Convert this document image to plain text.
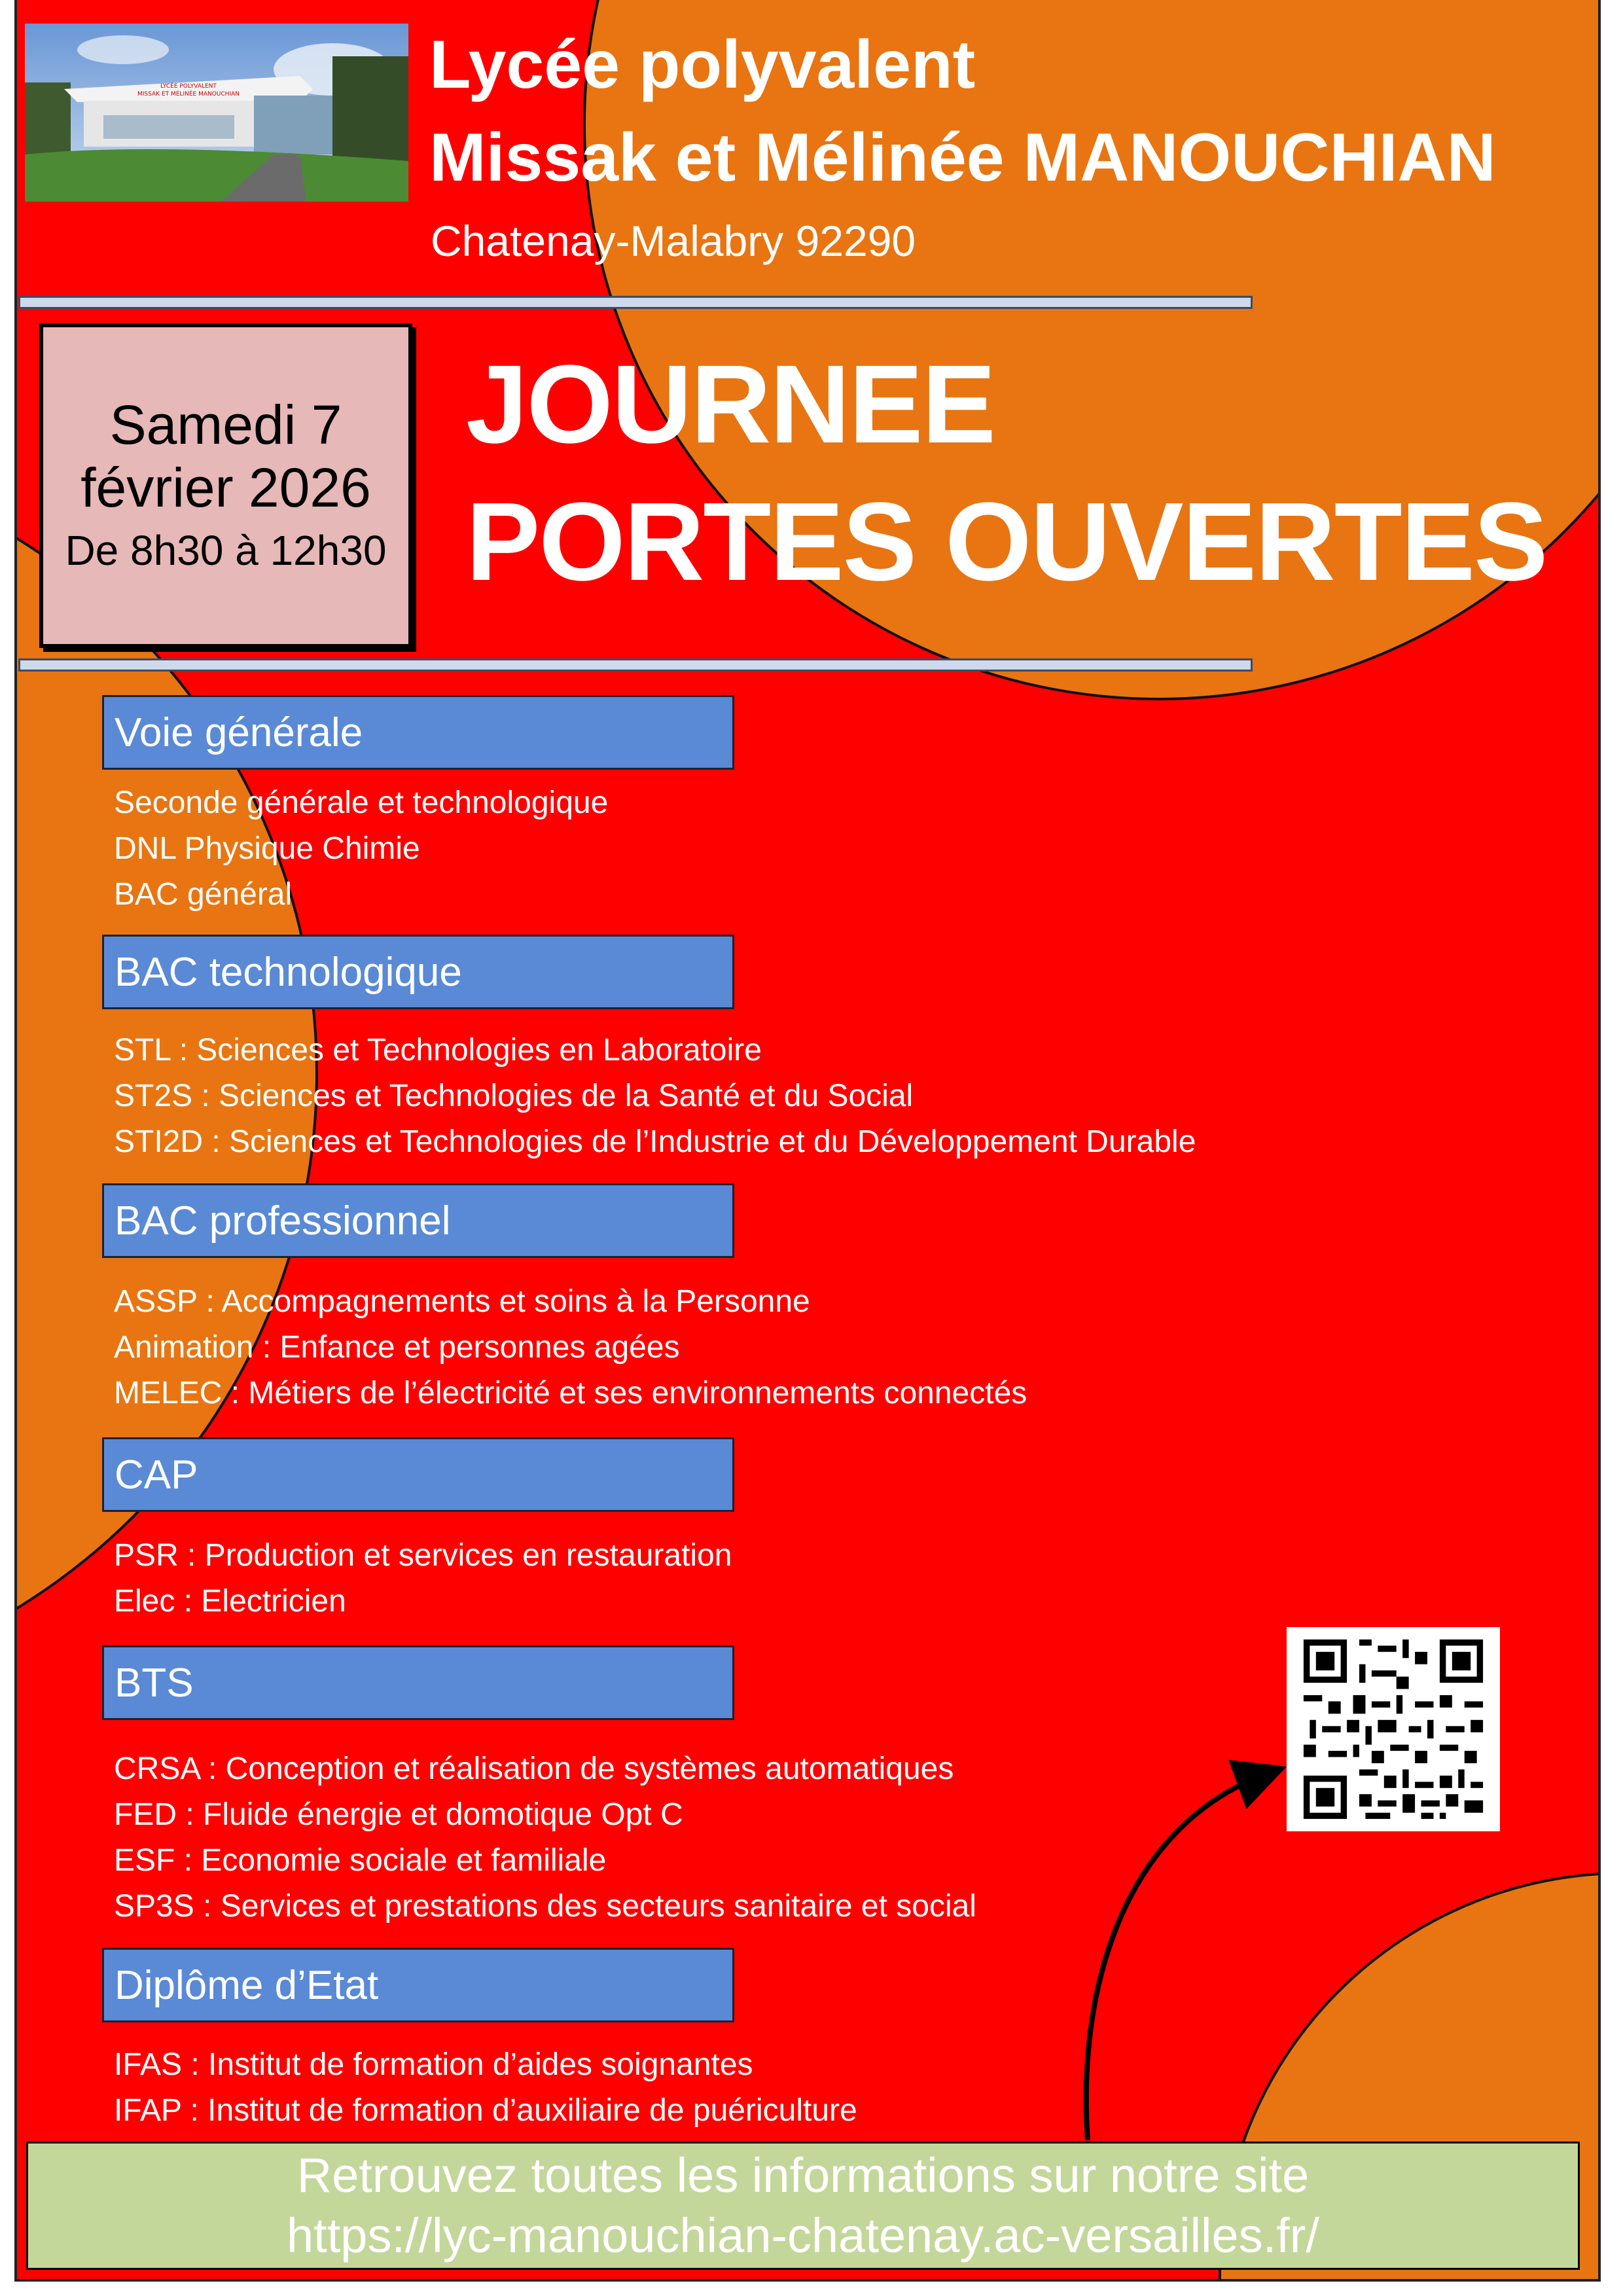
LYCÉE POLYVALENT
MISSAK ET MÉLINÉE MANOUCHIAN	Lycée polyvalent
Missak et Mélinée MANOUCHIAN
Chatenay-Malabry 92290
Samedi 7
février 2026
De 8h30 à 12h30
JOURNEE
PORTES OUVERTES
Voie générale
Seconde générale et technologique
DNL Physique Chimie
BAC général
BAC technologique
STL : Sciences et Technologies en Laboratoire
ST2S : Sciences et Technologies de la Santé et du Social
STI2D : Sciences et Technologies de l’Industrie et du Développement Durable
BAC professionnel
ASSP : Accompagnements et soins à la Personne
Animation : Enfance et personnes agées
MELEC : Métiers de l’électricité et ses environnements connectés
CAP
PSR : Production et services en restauration
Elec : Electricien
BTS
CRSA : Conception et réalisation de systèmes automatiques
FED : Fluide énergie et domotique Opt C
ESF : Economie sociale et familiale
SP3S : Services et prestations des secteurs sanitaire et social
Diplôme d’Etat
IFAS : Institut de formation d’aides soignantes
IFAP : Institut de formation d’auxiliaire de puériculture
Retrouvez toutes les informations sur notre site
https://lyc-manouchian-chatenay.ac-versailles.fr/
